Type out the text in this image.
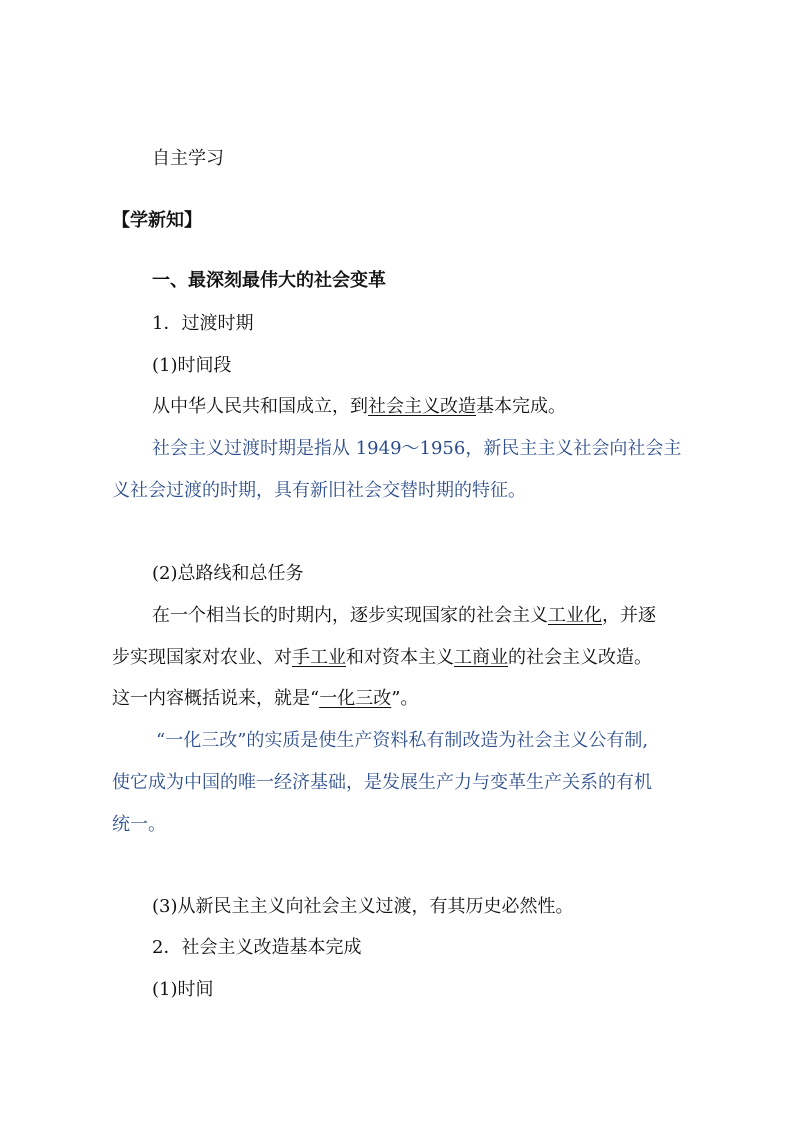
自主学习
【学新知】
一、最深刻最伟大的社会变革
1．过渡时期
(1)时间段
从中华人民共和国成立，到社会主义改造基本完成。
社会主义过渡时期是指从 1949～1956，新民主主义社会向社会主
义社会过渡的时期，具有新旧社会交替时期的特征。
(2)总路线和总任务
在一个相当长的时期内，逐步实现国家的社会主义工业化，并逐
步实现国家对农业、对手工业和对资本主义工商业的社会主义改造。
这一内容概括说来，就是“一化三改”。
“一化三改”的实质是使生产资料私有制改造为社会主义公有制,
使它成为中国的唯一经济基础，是发展生产力与变革生产关系的有机
统一。
(3)从新民主主义向社会主义过渡，有其历史必然性。
2．社会主义改造基本完成
(1)时间
